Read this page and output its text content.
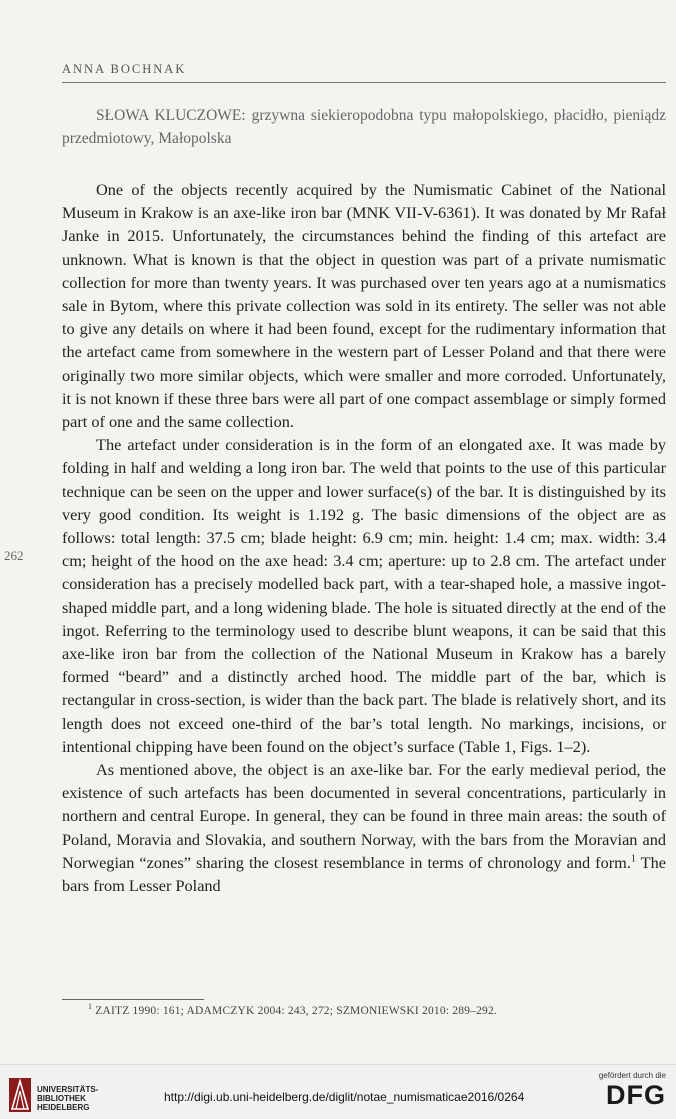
ANNA BOCHNAK

SŁOWA KLUCZOWE: grzywna siekieropodobna typu małopolskiego, płacidło, pieniądz przedmiotowy, Małopolska

One of the objects recently acquired by the Numismatic Cabinet of the National Museum in Krakow is an axe-like iron bar (MNK VII-V-6361). It was donated by Mr Rafał Janke in 2015. Unfortunately, the circumstances behind the finding of this artefact are unknown. What is known is that the object in question was part of a private numismatic collection for more than twenty years. It was purchased over ten years ago at a numismatics sale in Bytom, where this private collection was sold in its entirety. The seller was not able to give any details on where it had been found, except for the rudimentary information that the artefact came from somewhere in the western part of Lesser Poland and that there were originally two more similar objects, which were smaller and more corroded. Unfortunately, it is not known if these three bars were all part of one compact assemblage or simply formed part of one and the same collection.

The artefact under consideration is in the form of an elongated axe. It was made by folding in half and welding a long iron bar. The weld that points to the use of this particular technique can be seen on the upper and lower surface(s) of the bar. It is distinguished by its very good condition. Its weight is 1.192 g. The basic dimensions of the object are as follows: total length: 37.5 cm; blade height: 6.9 cm; min. height: 1.4 cm; max. width: 3.4 cm; height of the hood on the axe head: 3.4 cm; aperture: up to 2.8 cm. The artefact under consideration has a precisely modelled back part, with a tear-shaped hole, a massive ingot-shaped middle part, and a long widening blade. The hole is situated directly at the end of the ingot. Referring to the terminology used to describe blunt weapons, it can be said that this axe-like iron bar from the collection of the National Museum in Krakow has a barely formed “beard” and a distinctly arched hood. The middle part of the bar, which is rectangular in cross-section, is wider than the back part. The blade is relatively short, and its length does not exceed one-third of the bar’s total length. No markings, incisions, or intentional chipping have been found on the object’s surface (Table 1, Figs. 1–2).

As mentioned above, the object is an axe-like bar. For the early medieval period, the existence of such artefacts has been documented in several concentrations, particularly in northern and central Europe. In general, they can be found in three main areas: the south of Poland, Moravia and Slovakia, and southern Norway, with the bars from the Moravian and Norwegian “zones” sharing the closest resemblance in terms of chronology and form.$^1$ The bars from Lesser Poland

262
$^1$ ZAITZ 1990: 161; ADAMCZYK 2004: 243, 272; SZMONIEWSKI 2010: 289–292.
UNIVERSITÄTS-
BIBLIOTHEK
HEIDELBERG
http://digi.ub.uni-heidelberg.de/diglit/notae_numismaticae2016/0264
gefördert durch die
DFG
